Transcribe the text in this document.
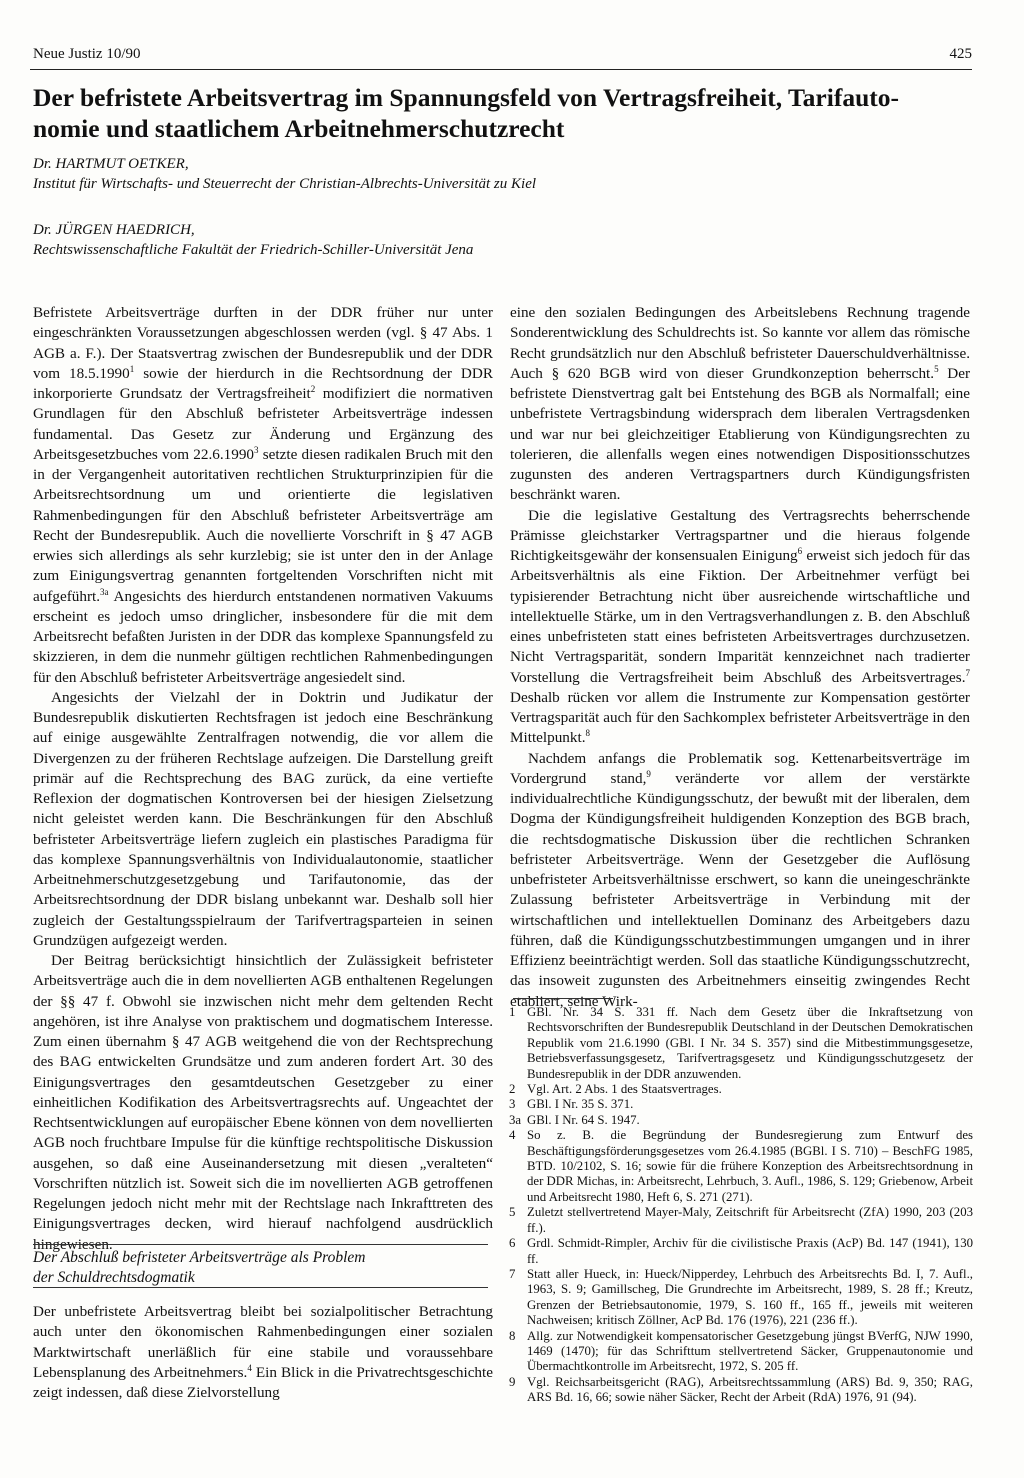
Neue Justiz 10/90	425
Der befristete Arbeitsvertrag im Spannungsfeld von Vertragsfreiheit, Tarifauto-
nomie und staatlichem Arbeitnehmerschutzrecht
Dr. HARTMUT OETKER,
Institut für Wirtschafts- und Steuerrecht der Christian-Albrechts-Universität zu Kiel
Dr. JÜRGEN HAEDRICH,
Rechtswissenschaftliche Fakultät der Friedrich-Schiller-Universität Jena

Befristete Arbeitsverträge durften in der DDR früher nur unter eingeschränkten Voraussetzungen abgeschlossen werden (vgl. § 47 Abs. 1 AGB a. F.). Der Staatsvertrag zwischen der Bundesrepublik und der DDR vom 18.5.1990$^1$ sowie der hierdurch in die Rechtsordnung der DDR inkorporierte Grundsatz der Vertragsfreiheit$^2$ modifiziert die normativen Grundlagen für den Abschluß befristeter Arbeitsverträge indessen fundamental. Das Gesetz zur Änderung und Ergänzung des Arbeitsgesetzbuches vom 22.6.1990$^3$ setzte diesen radikalen Bruch mit den in der Vergangenheit autoritativen rechtlichen Strukturprinzipien für die Arbeitsrechtsordnung um und orientierte die legislativen Rahmenbedingungen für den Abschluß befristeter Arbeitsverträge am Recht der Bundesrepublik. Auch die novellierte Vorschrift in § 47 AGB erwies sich allerdings als sehr kurzlebig; sie ist unter den in der Anlage zum Einigungsvertrag genannten fortgeltenden Vorschriften nicht mit aufgeführt.$^{3a}$ Angesichts des hierdurch entstandenen normativen Vakuums erscheint es jedoch umso dringlicher, insbesondere für die mit dem Arbeitsrecht befaßten Juristen in der DDR das komplexe Spannungsfeld zu skizzieren, in dem die nunmehr gültigen rechtlichen Rahmenbedingungen für den Abschluß befristeter Arbeitsverträge angesiedelt sind.

Angesichts der Vielzahl der in Doktrin und Judikatur der Bundesrepublik diskutierten Rechtsfragen ist jedoch eine Beschränkung auf einige ausgewählte Zentralfragen notwendig, die vor allem die Divergenzen zu der früheren Rechtslage aufzeigen. Die Darstellung greift primär auf die Rechtsprechung des BAG zurück, da eine vertiefte Reflexion der dogmatischen Kontroversen bei der hiesigen Zielsetzung nicht geleistet werden kann. Die Beschränkungen für den Abschluß befristeter Arbeitsverträge liefern zugleich ein plastisches Paradigma für das komplexe Spannungsverhältnis von Individualautonomie, staatlicher Arbeitnehmerschutzgesetzgebung und Tarifautonomie, das der Arbeitsrechtsordnung der DDR bislang unbekannt war. Deshalb soll hier zugleich der Gestaltungsspielraum der Tarifvertragsparteien in seinen Grundzügen aufgezeigt werden.

Der Beitrag berücksichtigt hinsichtlich der Zulässigkeit befristeter Arbeitsverträge auch die in dem novellierten AGB enthaltenen Regelungen der §§ 47 f. Obwohl sie inzwischen nicht mehr dem geltenden Recht angehören, ist ihre Analyse von praktischem und dogmatischem Interesse. Zum einen übernahm § 47 AGB weitgehend die von der Rechtsprechung des BAG entwickelten Grundsätze und zum anderen fordert Art. 30 des Einigungsvertrages den gesamtdeutschen Gesetzgeber zu einer einheitlichen Kodifikation des Arbeitsvertragsrechts auf. Ungeachtet der Rechtsentwicklungen auf europäischer Ebene können von dem novellierten AGB noch fruchtbare Impulse für die künftige rechtspolitische Diskussion ausgehen, so daß eine Auseinandersetzung mit diesen „veralteten“ Vorschriften nützlich ist. Soweit sich die im novellierten AGB getroffenen Regelungen jedoch nicht mehr mit der Rechtslage nach Inkrafttreten des Einigungsvertrages decken, wird hierauf nachfolgend ausdrücklich hingewiesen.

Der Abschluß befristeter Arbeitsverträge als Problem
der Schuldrechtsdogmatik

Der unbefristete Arbeitsvertrag bleibt bei sozialpolitischer Betrachtung auch unter den ökonomischen Rahmenbedingungen einer sozialen Marktwirtschaft unerläßlich für eine stabile und voraussehbare Lebensplanung des Arbeitnehmers.$^4$ Ein Blick in die Privatrechtsgeschichte zeigt indessen, daß diese Zielvorstellung

eine den sozialen Bedingungen des Arbeitslebens Rechnung tragende Sonderentwicklung des Schuldrechts ist. So kannte vor allem das römische Recht grundsätzlich nur den Abschluß befristeter Dauerschuldverhältnisse. Auch § 620 BGB wird von dieser Grundkonzeption beherrscht.$^5$ Der befristete Dienstvertrag galt bei Entstehung des BGB als Normalfall; eine unbefristete Vertragsbindung widersprach dem liberalen Vertragsdenken und war nur bei gleichzeitiger Etablierung von Kündigungsrechten zu tolerieren, die allenfalls wegen eines notwendigen Dispositionsschutzes zugunsten des anderen Vertragspartners durch Kündigungsfristen beschränkt waren.

Die die legislative Gestaltung des Vertragsrechts beherrschende Prämisse gleichstarker Vertragspartner und die hieraus folgende Richtigkeitsgewähr der konsensualen Einigung$^6$ erweist sich jedoch für das Arbeitsverhältnis als eine Fiktion. Der Arbeitnehmer verfügt bei typisierender Betrachtung nicht über ausreichende wirtschaftliche und intellektuelle Stärke, um in den Vertragsverhandlungen z. B. den Abschluß eines unbefristeten statt eines befristeten Arbeitsvertrages durchzusetzen. Nicht Vertragsparität, sondern Imparität kennzeichnet nach tradierter Vorstellung die Vertragsfreiheit beim Abschluß des Arbeitsvertrages.$^7$ Deshalb rücken vor allem die Instrumente zur Kompensation gestörter Vertragsparität auch für den Sachkomplex befristeter Arbeitsverträge in den Mittelpunkt.$^8$

Nachdem anfangs die Problematik sog. Kettenarbeitsverträge im Vordergrund stand,$^9$ veränderte vor allem der verstärkte individualrechtliche Kündigungsschutz, der bewußt mit der liberalen, dem Dogma der Kündigungsfreiheit huldigenden Konzeption des BGB brach, die rechtsdogmatische Diskussion über die rechtlichen Schranken befristeter Arbeitsverträge. Wenn der Gesetzgeber die Auflösung unbefristeter Arbeitsverhältnisse erschwert, so kann die uneingeschränkte Zulassung befristeter Arbeitsverträge in Verbindung mit der wirtschaftlichen und intellektuellen Dominanz des Arbeitgebers dazu führen, daß die Kündigungsschutzbestimmungen umgangen und in ihrer Effizienz beeinträchtigt werden. Soll das staatliche Kündigungsschutzrecht, das insoweit zugunsten des Arbeitnehmers einseitig zwingendes Recht etabliert, seine Wirk-

1 GBl. Nr. 34 S. 331 ff. Nach dem Gesetz über die Inkraftsetzung von Rechtsvorschriften der Bundesrepublik Deutschland in der Deutschen Demokratischen Republik vom 21.6.1990 (GBl. I Nr. 34 S. 357) sind die Mitbestimmungsgesetze, Betriebsverfassungsgesetz, Tarifvertragsgesetz und Kündigungsschutzgesetz der Bundesrepublik in der DDR anzuwenden.
2 Vgl. Art. 2 Abs. 1 des Staatsvertrages.
3 GBl. I Nr. 35 S. 371.
3a GBl. I Nr. 64 S. 1947.
4 So z. B. die Begründung der Bundesregierung zum Entwurf des Beschäftigungsförderungsgesetzes vom 26.4.1985 (BGBl. I S. 710) – BeschFG 1985, BTD. 10/2102, S. 16; sowie für die frühere Konzeption des Arbeitsrechtsordnung in der DDR Michas, in: Arbeitsrecht, Lehrbuch, 3. Aufl., 1986, S. 129; Griebenow, Arbeit und Arbeitsrecht 1980, Heft 6, S. 271 (271).
5 Zuletzt stellvertretend Mayer-Maly, Zeitschrift für Arbeitsrecht (ZfA) 1990, 203 (203 ff.).
6 Grdl. Schmidt-Rimpler, Archiv für die civilistische Praxis (AcP) Bd. 147 (1941), 130 ff.
7 Statt aller Hueck, in: Hueck/Nipperdey, Lehrbuch des Arbeitsrechts Bd. I, 7. Aufl., 1963, S. 9; Gamillscheg, Die Grundrechte im Arbeitsrecht, 1989, S. 28 ff.; Kreutz, Grenzen der Betriebsautonomie, 1979, S. 160 ff., 165 ff., jeweils mit weiteren Nachweisen; kritisch Zöllner, AcP Bd. 176 (1976), 221 (236 ff.).
8 Allg. zur Notwendigkeit kompensatorischer Gesetzgebung jüngst BVerfG, NJW 1990, 1469 (1470); für das Schrifttum stellvertretend Säcker, Gruppenautonomie und Übermachtkontrolle im Arbeitsrecht, 1972, S. 205 ff.
9 Vgl. Reichsarbeitsgericht (RAG), Arbeitsrechtssammlung (ARS) Bd. 9, 350; RAG, ARS Bd. 16, 66; sowie näher Säcker, Recht der Arbeit (RdA) 1976, 91 (94).
